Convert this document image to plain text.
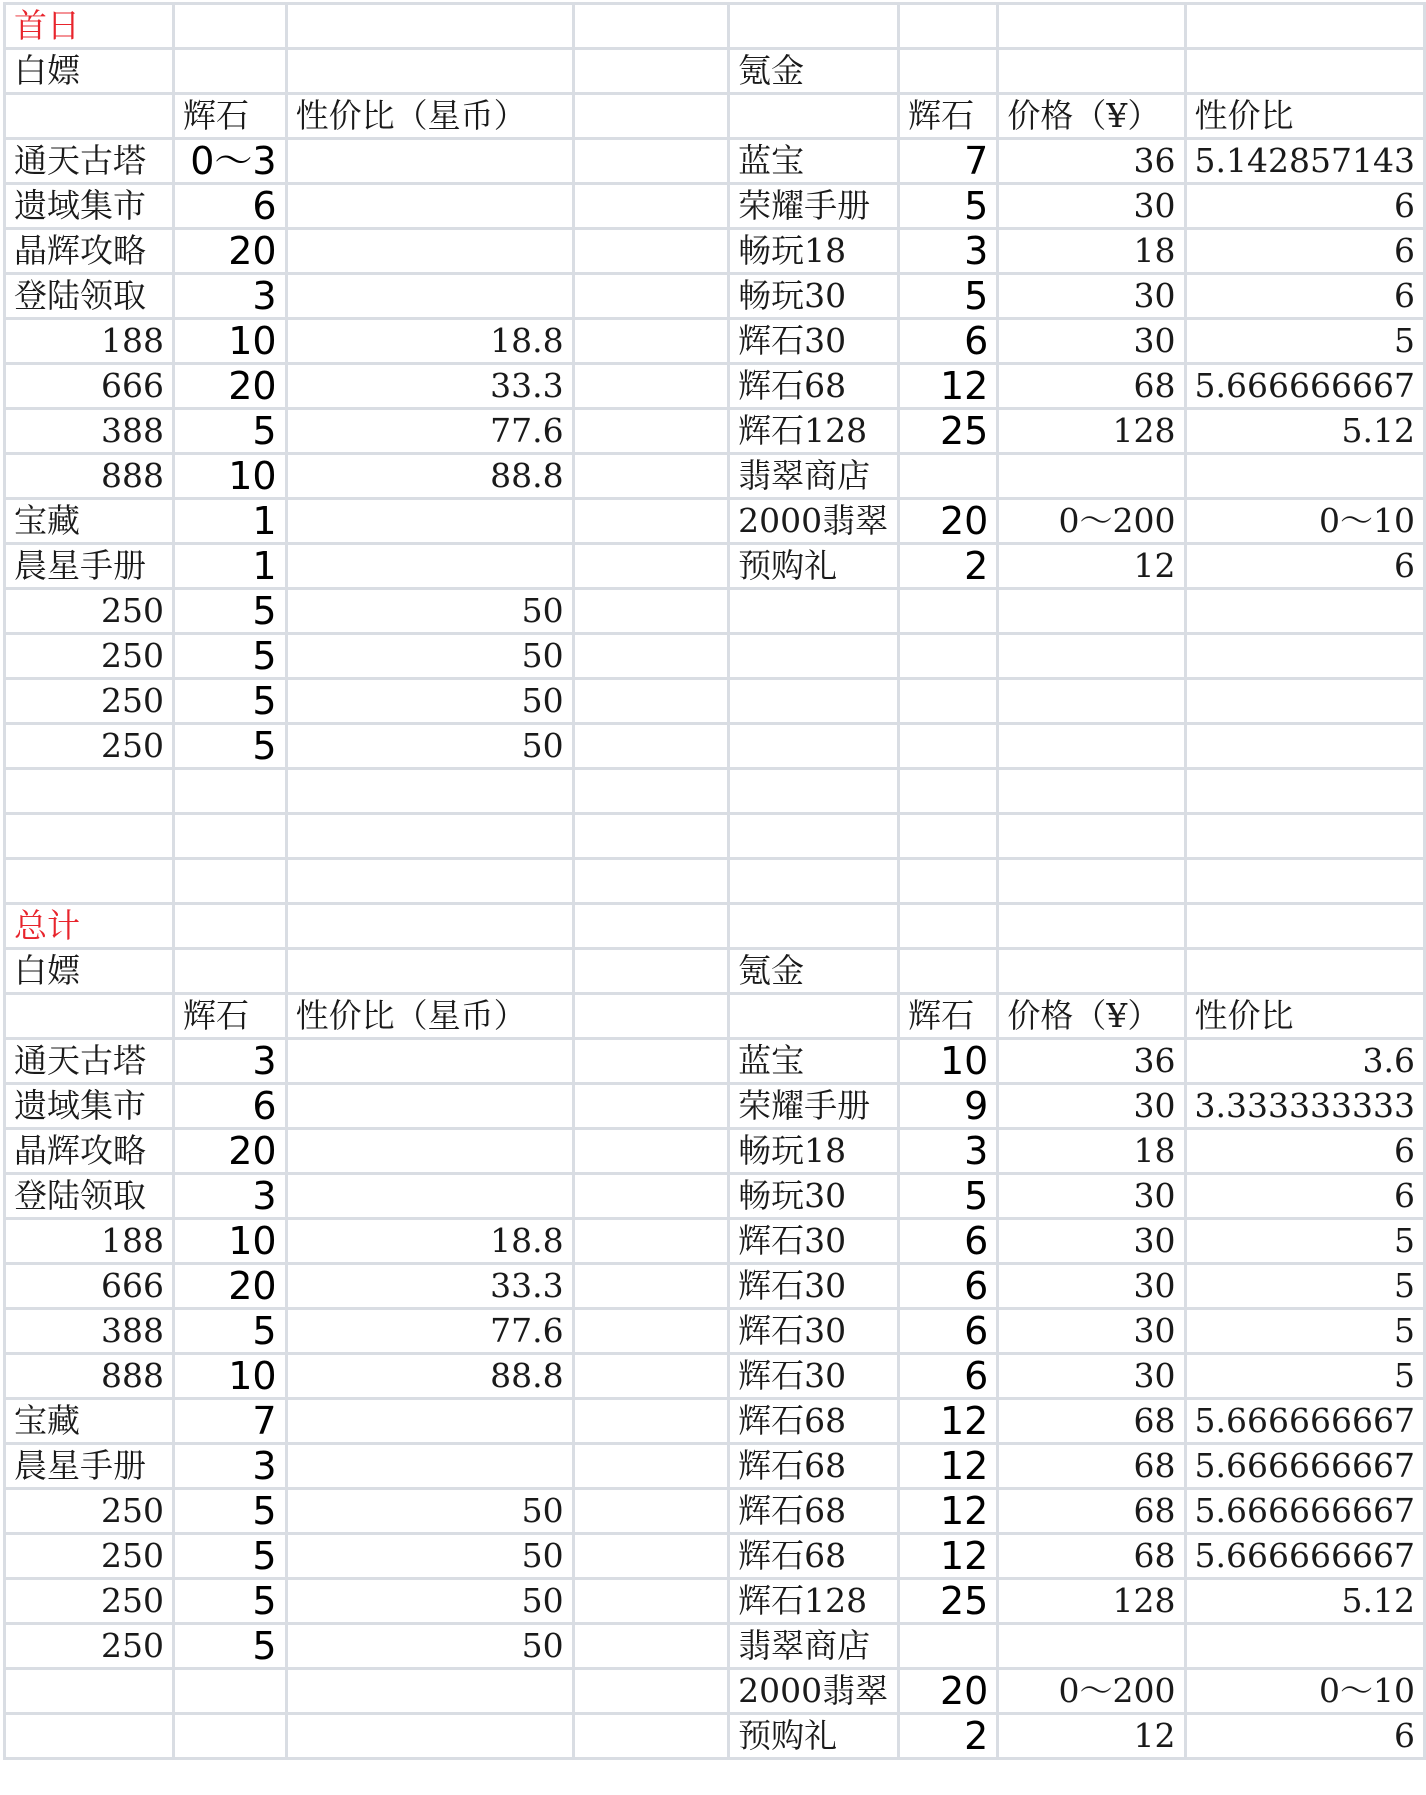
首日							
白嫖				氪金			
	辉石	性价比（星币）			辉石	价格（¥）	性价比
通天古塔	0～3			蓝宝	7	36	5.142857143
遗域集市	6			荣耀手册	5	30	6
晶辉攻略	20			畅玩18	3	18	6
登陆领取	3			畅玩30	5	30	6
188	10	18.8		辉石30	6	30	5
666	20	33.3		辉石68	12	68	5.666666667
388	5	77.6		辉石128	25	128	5.12
888	10	88.8		翡翠商店			
宝藏	1			2000翡翠	20	0～200	0～10
晨星手册	1			预购礼	2	12	6
250	5	50					
250	5	50					
250	5	50					
250	5	50					

总计							
白嫖				氪金			
	辉石	性价比（星币）			辉石	价格（¥）	性价比
通天古塔	3			蓝宝	10	36	3.6
遗域集市	6			荣耀手册	9	30	3.333333333
晶辉攻略	20			畅玩18	3	18	6
登陆领取	3			畅玩30	5	30	6
188	10	18.8		辉石30	6	30	5
666	20	33.3		辉石30	6	30	5
388	5	77.6		辉石30	6	30	5
888	10	88.8		辉石30	6	30	5
宝藏	7			辉石68	12	68	5.666666667
晨星手册	3			辉石68	12	68	5.666666667
250	5	50		辉石68	12	68	5.666666667
250	5	50		辉石68	12	68	5.666666667
250	5	50		辉石128	25	128	5.12
250	5	50		翡翠商店			
				2000翡翠	20	0～200	0～10
				预购礼	2	12	6
